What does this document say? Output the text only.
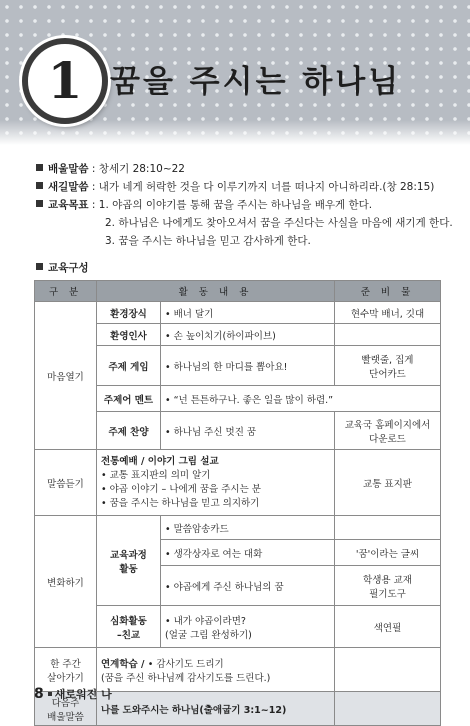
1 꿈을 주시는 하나님
배울말씀 : 창세기 28:10~22
새길말씀 : 내가 네게 허락한 것을 다 이루기까지 너를 떠나지 아니하리라.(창 28:15)
교육목표 : 1. 야곱의 이야기를 통해 꿈을 주시는 하나님을 배우게 한다.
2. 하나님은 나에게도 찾아오셔서 꿈을 주신다는 사실을 마음에 새기게 한다.
3. 꿈을 주시는 하나님을 믿고 감사하게 한다.
교육구성
구 분	활 동 내 용		준 비 물
마음열기	환경장식	• 배너 달기	현수막 배너, 깃대
	환영인사	• 손 높이치기(하이파이브)	
	주제 게임	• 하나님의 한 마디를 뽑아요!	빨랫줄, 집게
단어카드
	주제어 멘트	• “넌 튼튼하구나. 좋은 일을 많이 하렴.”	
	주제 찬양	• 하나님 주신 멋진 꿈	교육국 홈페이지에서
다운로드
말씀듣기	전통예배 / 이야기 그림 설교
• 교통 표지판의 의미 알기
• 야곱 이야기 – 나에게 꿈을 주시는 분
• 꿈을 주시는 하나님을 믿고 의지하기		교통 표지판
변화하기	교육과정
활동	• 말씀암송카드	
		• 생각상자로 여는 대화	'꿈'이라는 글씨
		• 야곱에게 주신 하나님의 꿈	학생용 교재
필기도구
	심화활동
–친교	• 내가 야곱이라면?
(얼굴 그림 완성하기)	색연필
한 주간
살아가기	연계학습 / • 감사기도 드리기
(꿈을 주신 하나님께 감사기도를 드린다.)		
다음주
배울말씀	나를 도와주시는 하나님(출애굽기 3:1~12)		
8 새로워진 나
